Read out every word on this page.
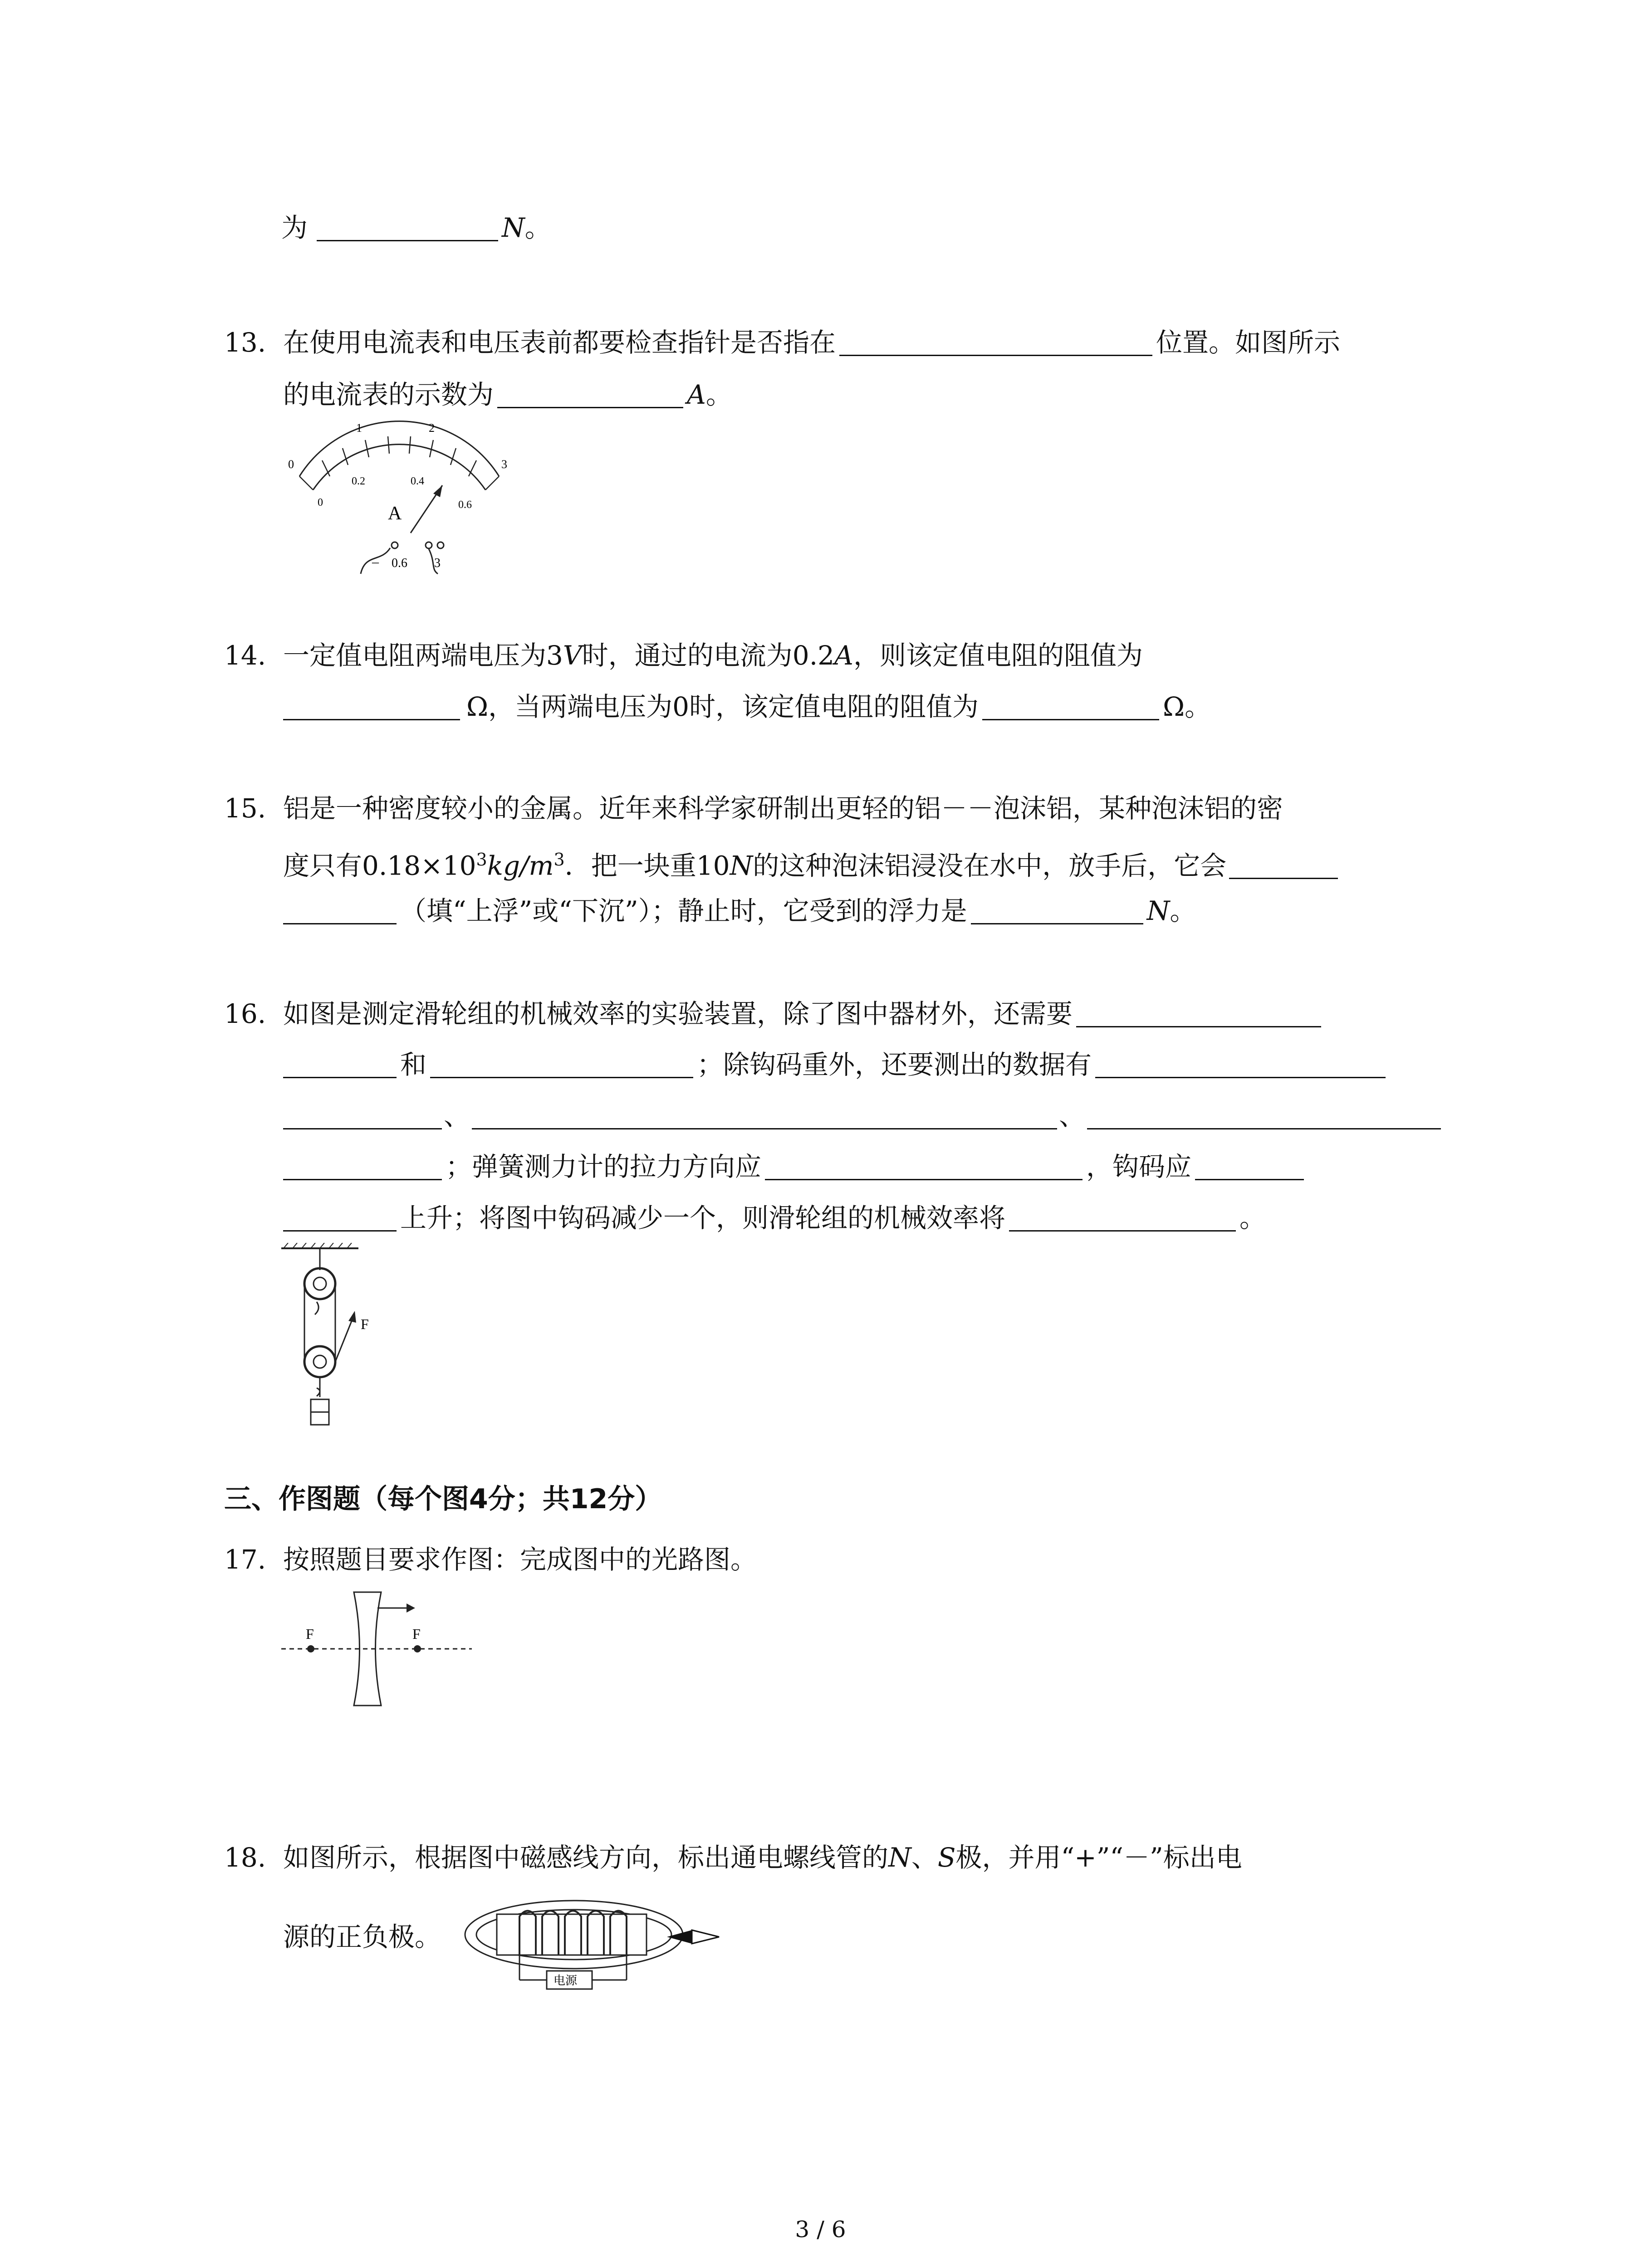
为	N。
13. 在使用电流表和电压表前都要检查指针是否指在	位置。如图所示
的电流表的示数为	A。
0
1	2
3
0
0.2	0.4
0.6
A
– 0.6 3
14. 一定值电阻两端电压为3V时，通过的电流为0.2A，则该定值电阻的阻值为
Ω，当两端电压为0时，该定值电阻的阻值为	Ω。
15. 铝是一种密度较小的金属。近年来科学家研制出更轻的铝－－泡沫铝，某种泡沫铝的密
度只有$0.18\times 10^3kg/m^3$．把一块重10N的这种泡沫铝浸没在水中，放手后，它会
（填“上浮”或“下沉”）；静止时，它受到的浮力是	N。
16. 如图是测定滑轮组的机械效率的实验装置，除了图中器材外，还需要
和	；除钩码重外，还要测出的数据有
、	、
；弹簧测力计的拉力方向应	，钩码应
上升；将图中钩码减少一个，则滑轮组的机械效率将	。
F
三、作图题（每个图4分；共12分）
17. 按照题目要求作图：完成图中的光路图。
F	F
18. 如图所示，根据图中磁感线方向，标出通电螺线管的N、S极，并用“+”“－”标出电
源的正负极。
电源
3 / 6
